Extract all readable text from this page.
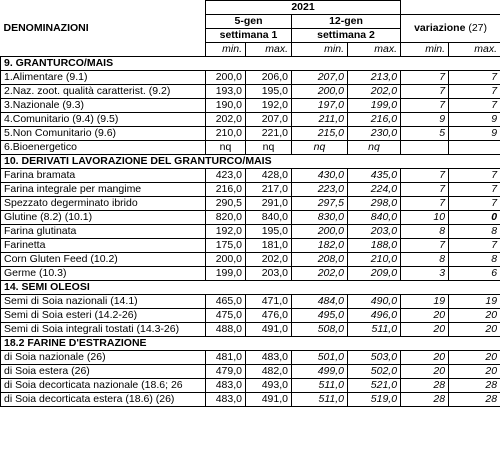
	2021					
DENOMINAZIONI	5-gen		12-gen		variazione (27)	
	settimana 1		settimana 2			
	min.	max.	min.	max.	min.	max.
9. GRANTURCO/MAIS						
1.Alimentare (9.1)	200,0	206,0	207,0	213,0	7	7
2.Naz. zoot. qualità caratterist. (9.2)	193,0	195,0	200,0	202,0	7	7
3.Nazionale (9.3)	190,0	192,0	197,0	199,0	7	7
4.Comunitario (9.4) (9.5)	202,0	207,0	211,0	216,0	9	9
5.Non Comunitario (9.6)	210,0	221,0	215,0	230,0	5	9
6.Bioenergetico	nq	nq	nq	nq		
10. DERIVATI LAVORAZIONE DEL GRANTURCO/MAIS						
Farina bramata	423,0	428,0	430,0	435,0	7	7
Farina integrale per mangime	216,0	217,0	223,0	224,0	7	7
Spezzato degerminato ibrido	290,5	291,0	297,5	298,0	7	7
Glutine (8.2) (10.1)	820,0	840,0	830,0	840,0	10	0
Farina glutinata	192,0	195,0	200,0	203,0	8	8
Farinetta	175,0	181,0	182,0	188,0	7	7
Corn Gluten Feed (10.2)	200,0	202,0	208,0	210,0	8	8
Germe (10.3)	199,0	203,0	202,0	209,0	3	6
14. SEMI OLEOSI						
Semi di Soia nazionali (14.1)	465,0	471,0	484,0	490,0	19	19
Semi di Soia esteri (14.2-26)	475,0	476,0	495,0	496,0	20	20
Semi di Soia integrali tostati (14.3-26)	488,0	491,0	508,0	511,0	20	20
18.2 FARINE D'ESTRAZIONE						
di Soia nazionale (26)	481,0	483,0	501,0	503,0	20	20
di Soia estera (26)	479,0	482,0	499,0	502,0	20	20
di Soia decorticata nazionale (18.6; 26	483,0	493,0	511,0	521,0	28	28
di Soia decorticata estera (18.6) (26)	483,0	491,0	511,0	519,0	28	28
